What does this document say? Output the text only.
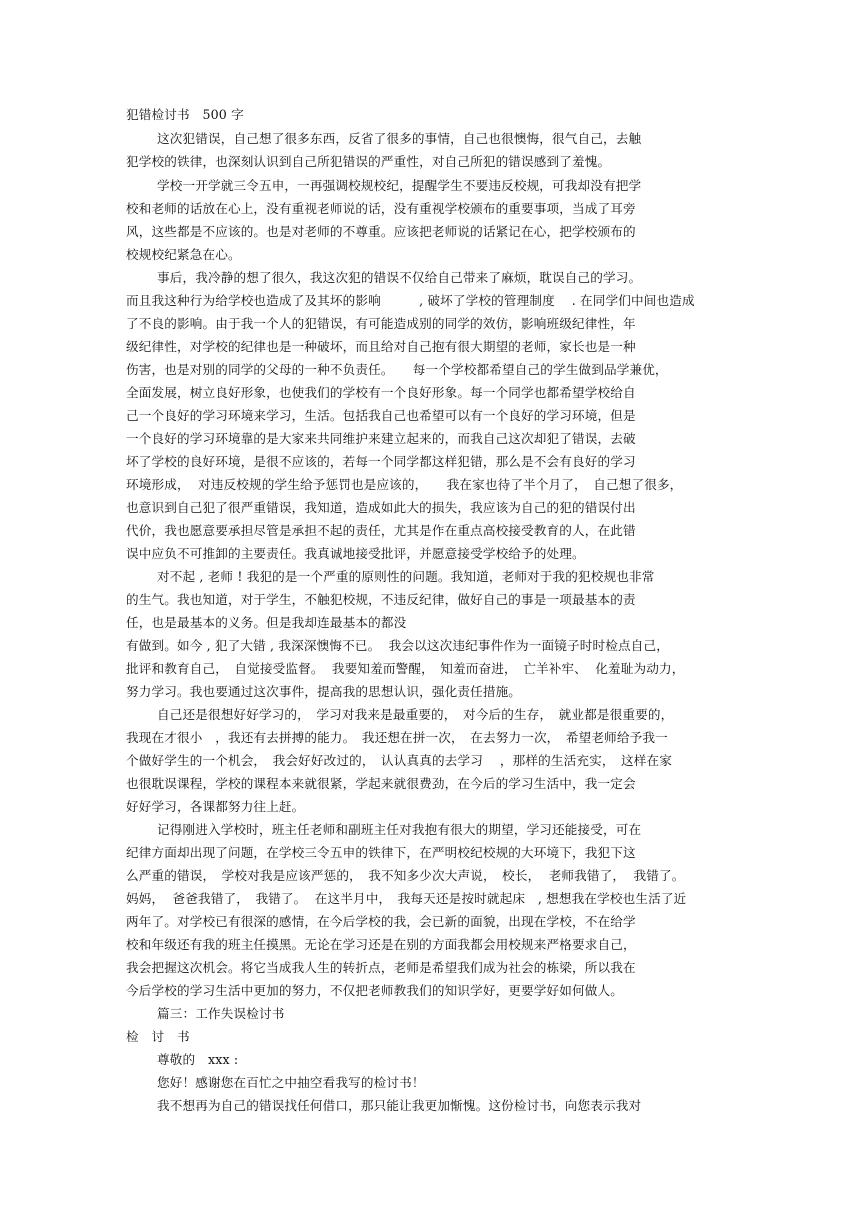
犯错检讨书　500 字
这次犯错误，自己想了很多东西，反省了很多的事情，自己也很懊悔，很气自己，去触
犯学校的铁律，也深刻认识到自己所犯错误的严重性，对自己所犯的错误感到了羞愧。
学校一开学就三令五申，一再强调校规校纪，提醒学生不要违反校规，可我却没有把学
校和老师的话放在心上，没有重视老师说的话，没有重视学校颁布的重要事项，当成了耳旁
风，这些都是不应该的。也是对老师的不尊重。应该把老师说的话紧记在心，把学校颁布的
校规校纪紧急在心。
事后，我冷静的想了很久，我这次犯的错误不仅给自己带来了麻烦，耽误自己的学习。
而且我这种行为给学校也造成了及其坏的影响　　　, 破坏了学校的管理制度　 . 在同学们中间也造成
了不良的影响。由于我一个人的犯错误，有可能造成别的同学的效仿，影响班级纪律性，年
级纪律性，对学校的纪律也是一种破坏，而且给对自己抱有很大期望的老师，家长也是一种
伤害，也是对别的同学的父母的一种不负责任。　　每一个学校都希望自己的学生做到品学兼优，
全面发展，树立良好形象，也使我们的学校有一个良好形象。每一个同学也都希望学校给自
己一个良好的学习环境来学习，生活。包括我自己也希望可以有一个良好的学习环境，但是
一个良好的学习环境靠的是大家来共同维护来建立起来的，而我自己这次却犯了错误，去破
坏了学校的良好环境，是很不应该的，若每一个同学都这样犯错，那么是不会有良好的学习
环境形成，  对违反校规的学生给予惩罚也是应该的，　　我在家也待了半个月了，　自己想了很多，
也意识到自己犯了很严重错误，我知道，造成如此大的损失，我应该为自己的犯的错误付出
代价，我也愿意要承担尽管是承担不起的责任，尤其是作在重点高校接受教育的人，在此错
误中应负不可推卸的主要责任。我真诚地接受批评，并愿意接受学校给予的处理。
对不起 , 老师 ! 我犯的是一个严重的原则性的问题。我知道，老师对于我的犯校规也非常
的生气。我也知道，对于学生，不触犯校规，不违反纪律，做好自己的事是一项最基本的责
任，也是最基本的义务。但是我却连最基本的都没
有做到。如今 , 犯了大错 , 我深深懊悔不已。  我会以这次违纪事件作为一面镜子时时检点自己，
批评和教育自己，　自觉接受监督。  我要知羞而警醒，　知羞而奋进，　亡羊补牢、  化羞耻为动力，
努力学习。我也要通过这次事件，提高我的思想认识，强化责任措施。
自己还是很想好好学习的，　学习对我来是最重要的，　对今后的生存，　就业都是很重要的，
我现在才很小　，我还有去拼搏的能力。　我还想在拼一次，　在去努力一次，　希望老师给予我一
个做好学生的一个机会，　我会好好改过的，　认认真真的去学习　 ，那样的生活充实，　这样在家
也很耽误课程，学校的课程本来就很紧，学起来就很费劲，在今后的学习生活中，我一定会
好好学习，各课都努力往上赶。
记得刚进入学校时，班主任老师和副班主任对我抱有很大的期望，学习还能接受，可在
纪律方面却出现了问题，在学校三令五申的铁律下，在严明校纪校规的大环境下，我犯下这
么严重的错误，　学校对我是应该严惩的，　我不知多少次大声说，　校长，  老师我错了，  我错了。
妈妈，  爸爸我错了，　我错了。  在这半月中，　我每天还是按时就起床　, 想想我在学校也生活了近
两年了。对学校已有很深的感情，在今后学校的我，会已新的面貌，出现在学校，不在给学
校和年级还有我的班主任摸黑。无论在学习还是在别的方面我都会用校规来严格要求自己，
我会把握这次机会。将它当成我人生的转折点，老师是希望我们成为社会的栋梁，所以我在
今后学校的学习生活中更加的努力，不仅把老师教我们的知识学好，更要学好如何做人。
篇三：工作失误检讨书
检　讨　书
尊敬的　xxx :
您好！感谢您在百忙之中抽空看我写的检讨书！
我不想再为自己的错误找任何借口，那只能让我更加惭愧。这份检讨书，向您表示我对
